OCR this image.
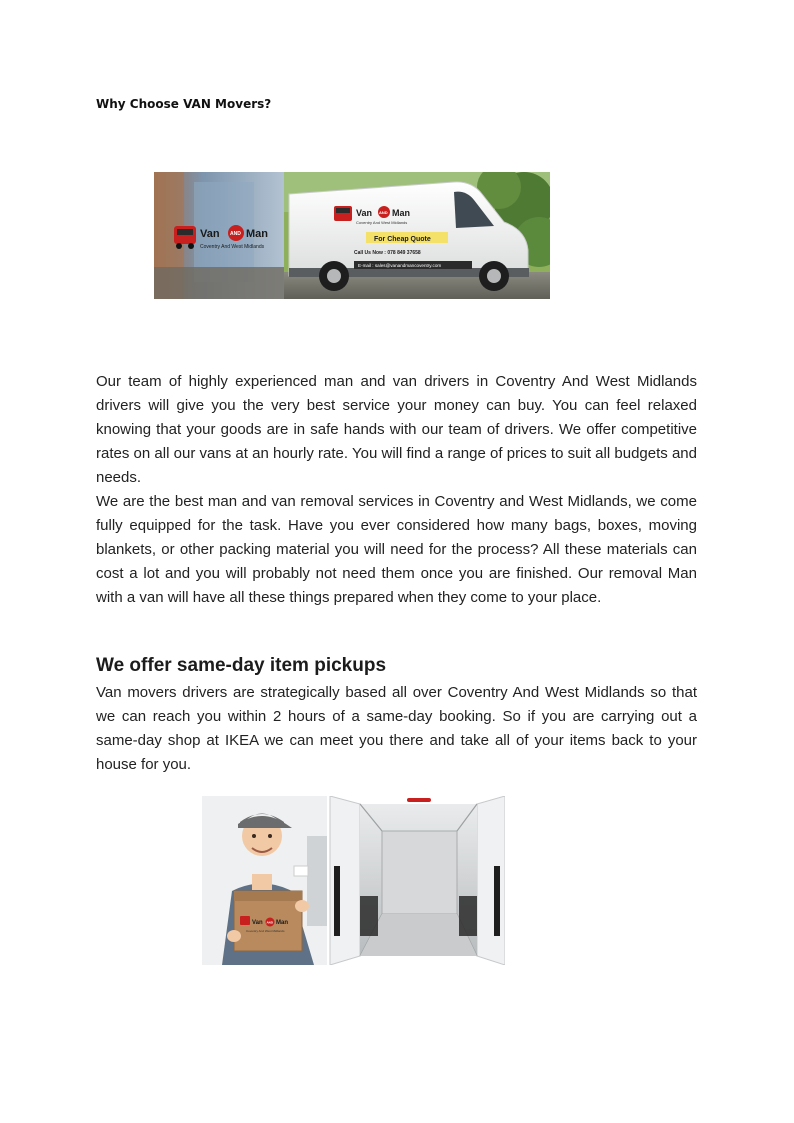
Why Choose VAN Movers?
Van AND Man
Coventry And West Midlands
Van AND Man
Coventry And West Midlands
For Cheap Quote
Call Us Now : 078 849 37658
E-mail : sales@vanandmancoventry.com

Our team of highly experienced man and van drivers in Coventry And West Midlands drivers will give you the very best service your money can buy. You can feel relaxed knowing that your goods are in safe hands with our team of drivers. We offer competitive rates on all our vans at an hourly rate. You will find a range of prices to suit all budgets and needs.

We are the best man and van removal services in Coventry and West Midlands, we come fully equipped for the task. Have you ever considered how many bags, boxes, moving blankets, or other packing material you will need for the process? All these materials can cost a lot and you will probably not need them once you are finished. Our removal Man with a van will have all these things prepared when they come to your place.

We offer same-day item pickups

Van movers drivers are strategically based all over Coventry And West Midlands so that we can reach you within 2 hours of a same-day booking. So if you are carrying out a same-day shop at IKEA we can meet you there and take all of your items back to your house for you.

Van AND Man
Coventry And West Midlands
